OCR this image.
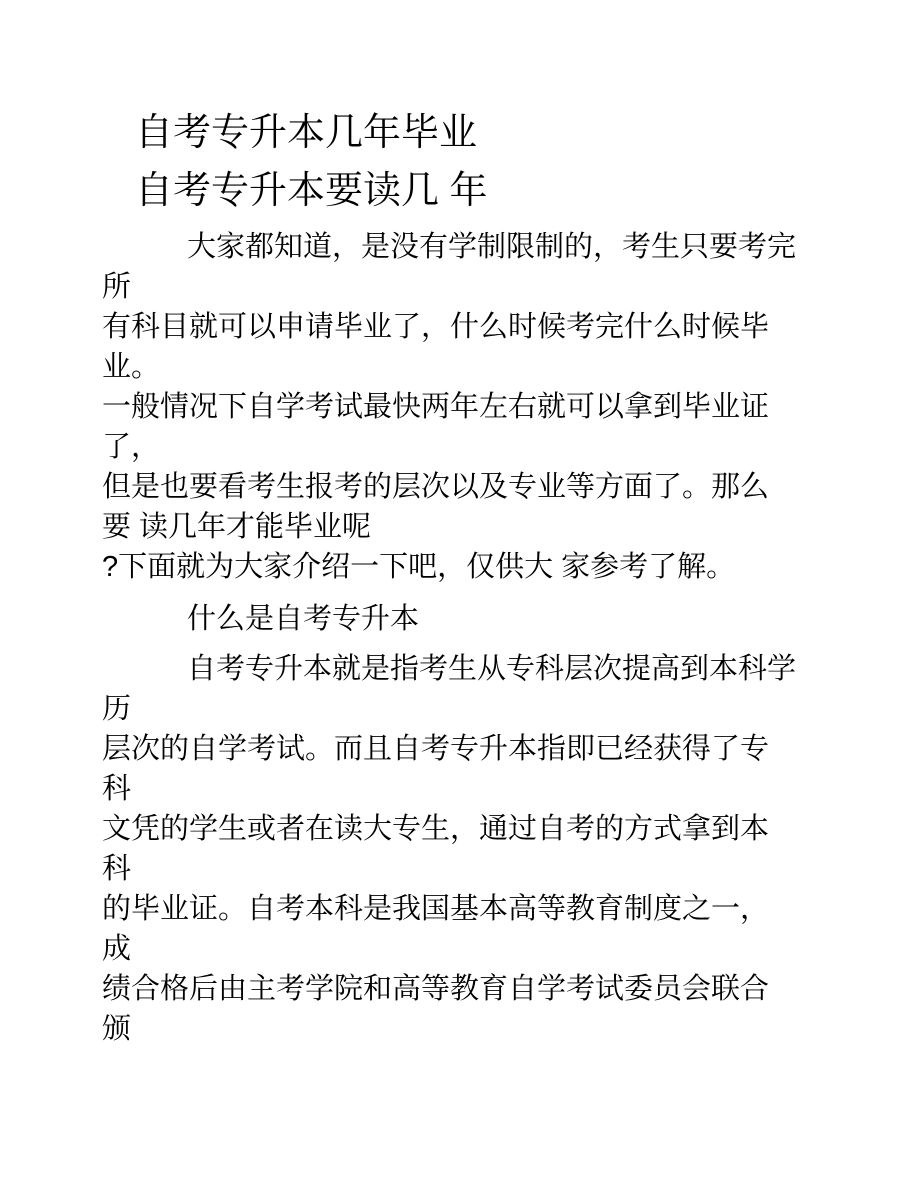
自考专升本几年毕业
自考专升本要读几 年
大家都知道，是没有学制限制的，考生只要考完
所
有科目就可以申请毕业了，什么时候考完什么时候毕
业。
一般情况下自学考试最快两年左右就可以拿到毕业证
了，
但是也要看考生报考的层次以及专业等方面了。那么
要 读几年才能毕业呢
?下面就为大家介绍一下吧，仅供大 家参考了解。
什么是自考专升本
自考专升本就是指考生从专科层次提高到本科学
历
层次的自学考试。而且自考专升本指即已经获得了专
科
文凭的学生或者在读大专生，通过自考的方式拿到本
科
的毕业证。自考本科是我国基本高等教育制度之一，
成
绩合格后由主考学院和高等教育自学考试委员会联合
颁
